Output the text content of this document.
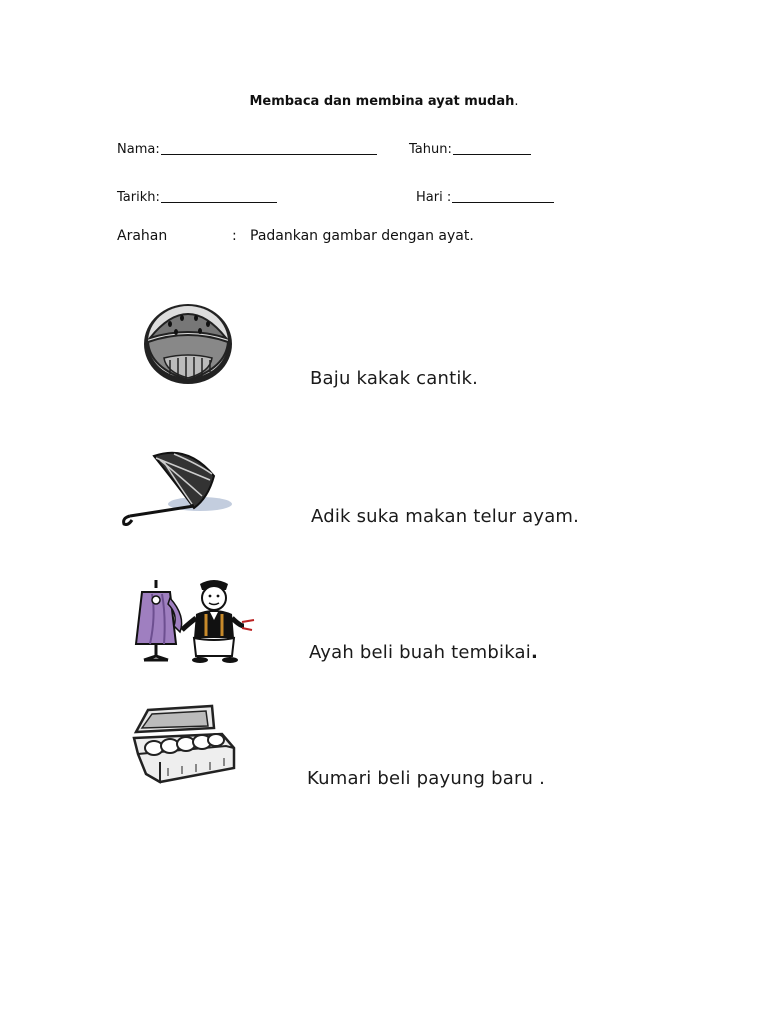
Membaca dan membina ayat mudah.
Nama:	Tahun:
Tarikh:	Hari :
Arahan	: Padankan gambar dengan ayat.
Baju kakak cantik.
Adik suka makan telur ayam.
Ayah beli buah tembikai.
Kumari beli payung baru .
